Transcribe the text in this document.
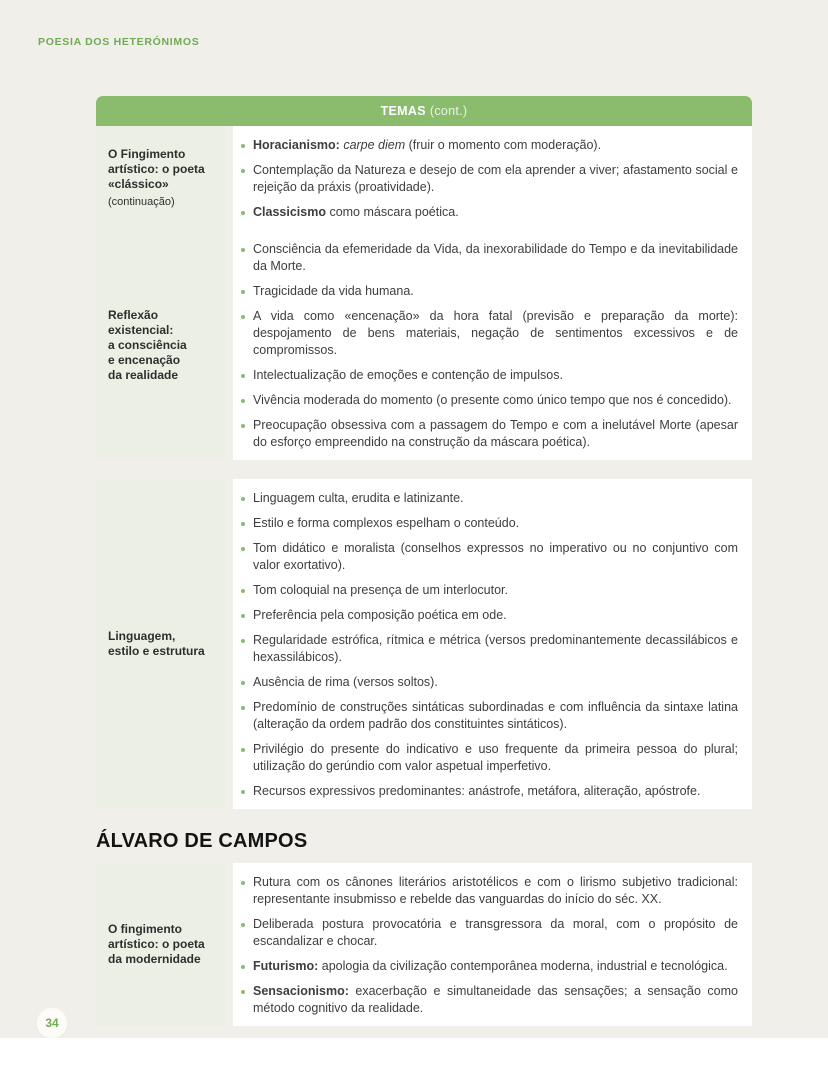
POESIA DOS HETERÓNIMOS
TEMAS (cont.)
O Fingimento
artístico: o poeta
«clássico»
(continuação)
Horacianismo: carpe diem (fruir o momento com moderação).
Contemplação da Natureza e desejo de com ela aprender a viver; afastamento social e rejeição da práxis (proatividade).
Classicismo como máscara poética.
Reflexão
existencial:
a consciência
e encenação
da realidade
Consciência da efemeridade da Vida, da inexorabilidade do Tempo e da inevitabilidade da Morte.
Tragicidade da vida humana.
A vida como «encenação» da hora fatal (previsão e preparação da morte): despojamento de bens materiais, negação de sentimentos excessivos e de compromissos.
Intelectualização de emoções e contenção de impulsos.
Vivência moderada do momento (o presente como único tempo que nos é concedido).
Preocupação obsessiva com a passagem do Tempo e com a inelutável Morte (apesar do esforço empreendido na construção da máscara poética).
Linguagem,
estilo e estrutura
Linguagem culta, erudita e latinizante.
Estilo e forma complexos espelham o conteúdo.
Tom didático e moralista (conselhos expressos no imperativo ou no conjuntivo com valor exortativo).
Tom coloquial na presença de um interlocutor.
Preferência pela composição poética em ode.
Regularidade estrófica, rítmica e métrica (versos predominantemente decassilábicos e hexassilábicos).
Ausência de rima (versos soltos).
Predomínio de construções sintáticas subordinadas e com influência da sintaxe latina (alteração da ordem padrão dos constituintes sintáticos).
Privilégio do presente do indicativo e uso frequente da primeira pessoa do plural; utilização do gerúndio com valor aspetual imperfetivo.
Recursos expressivos predominantes: anástrofe, metáfora, aliteração, apóstrofe.
ÁLVARO DE CAMPOS
O fingimento
artístico: o poeta
da modernidade
Rutura com os cânones literários aristotélicos e com o lirismo subjetivo tradicional: representante insubmisso e rebelde das vanguardas do início do séc. XX.
Deliberada postura provocatória e transgressora da moral, com o propósito de escandalizar e chocar.
Futurismo: apologia da civilização contemporânea moderna, industrial e tecnológica.
Sensacionismo: exacerbação e simultaneidade das sensações; a sensação como método cognitivo da realidade.
34
